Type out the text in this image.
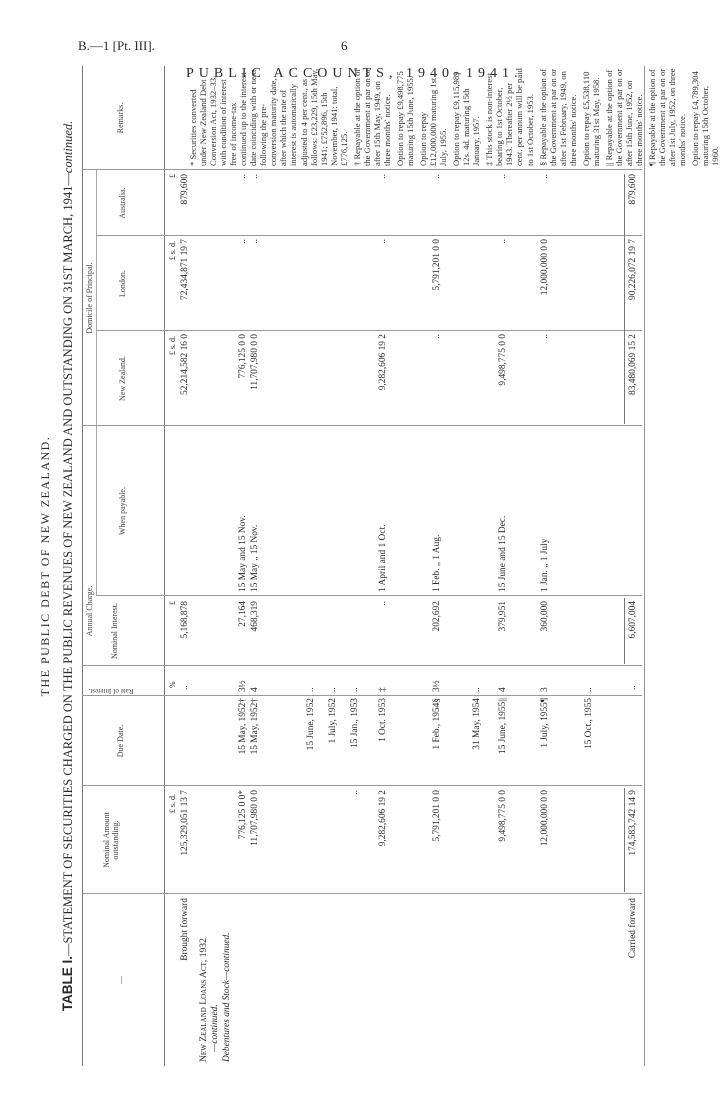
B.—1 [Pt. III].	6
PUBLIC ACCOUNTS, 1940–1941.
THE PUBLIC DEBT OF NEW ZEALAND.
TABLE I.—STATEMENT OF SECURITIES CHARGED ON THE PUBLIC REVENUES OF NEW ZEALAND AND OUTSTANDING ON 31ST MARCH, 1941—continued.
—
Nominal Amount outstanding.
Due Date.
Annual Charge. Nominal Interest.
When payable.
Domicile of Principal.
New Zealand.
London.
Australia.
Remarks.
Rate of Interest.
£ s. d.
%
£
£ s. d.
£ s. d.
£
Brought forward
125,329,051 13 7
..
5,168,878
52,214,582 16 0
72,434,871 19 7
879,600
New Zealand Loans Act, 1932 —continued. Debentures and Stock—continued.
776,125 0 0*
15 May, 1952†
3½
27,164
15 May and 15 Nov.
776,125 0 0
..
..
11,707,980 0 0
15 May, 1952†
4
468,319
15 May „ 15 Nov.
11,707,980 0 0
..
..
15 June, 1952
..
1 July, 1952
..
..
15 Jan., 1953
..
9,282,606 19 2
1 Oct. 1953
‡
..
1 April and 1 Oct.
9,282,606 19 2
..
..
5,791,201 0 0
1 Feb., 1954§
3½
202,692
1 Feb. „ 1 Aug.
..
5,791,201 0 0
..
31 May, 1954
..
9,498,775 0 0
15 June, 1955||
4
379,951
15 June and 15 Dec.
9,498,775 0 0
..
..
12,000,000 0 0
1 July, 1955¶
3
360,000
1 Jan. „ 1 July
..
12,000,000 0 0
..
15 Oct., 1955
..
* Securities converted under New Zealand Debt Conversion Act, 1932–33, with condition of interest free of income-tax continued up to the interest date coinciding with or next following the pre-conversion maturity date, after which the rate of interest is automatically adjusted to 4 per cent., as follows: £23,229, 15th May, 1941; £752,896, 15th November, 1941: total, £776,125. † Repayable at the option of the Government at par on or after 15th May, 1949, on three months' notice. Option to repay £9,498,775 maturing 15th June, 1955. Option to repay £12,000,000 maturing 1st July, 1955. Option to repay £9,115,989 12s. 4d. maturing 15th January, 1957. ‡ This stock is non-interest bearing to 1st October, 1943. Thereafter 2½ per cent. per annum will be paid to 1st October, 1953. § Repayable at the option of the Government at par on or after 1st February, 1949, on three months' notice. Option to repay £5,538,110 maturing 31st May, 1958. || Repayable at the option of the Government at par on or after 15th June, 1952, on three months' notice. ¶ Repayable at the option of the Government at par on or after 1st July, 1952, on three months' notice. Option to repay £4,789,304 maturing 15th October, 1960.
Carried forward
174,583,742 14 9
..
6,607,004
83,480,069 15 2
90,226,072 19 7
879,600
